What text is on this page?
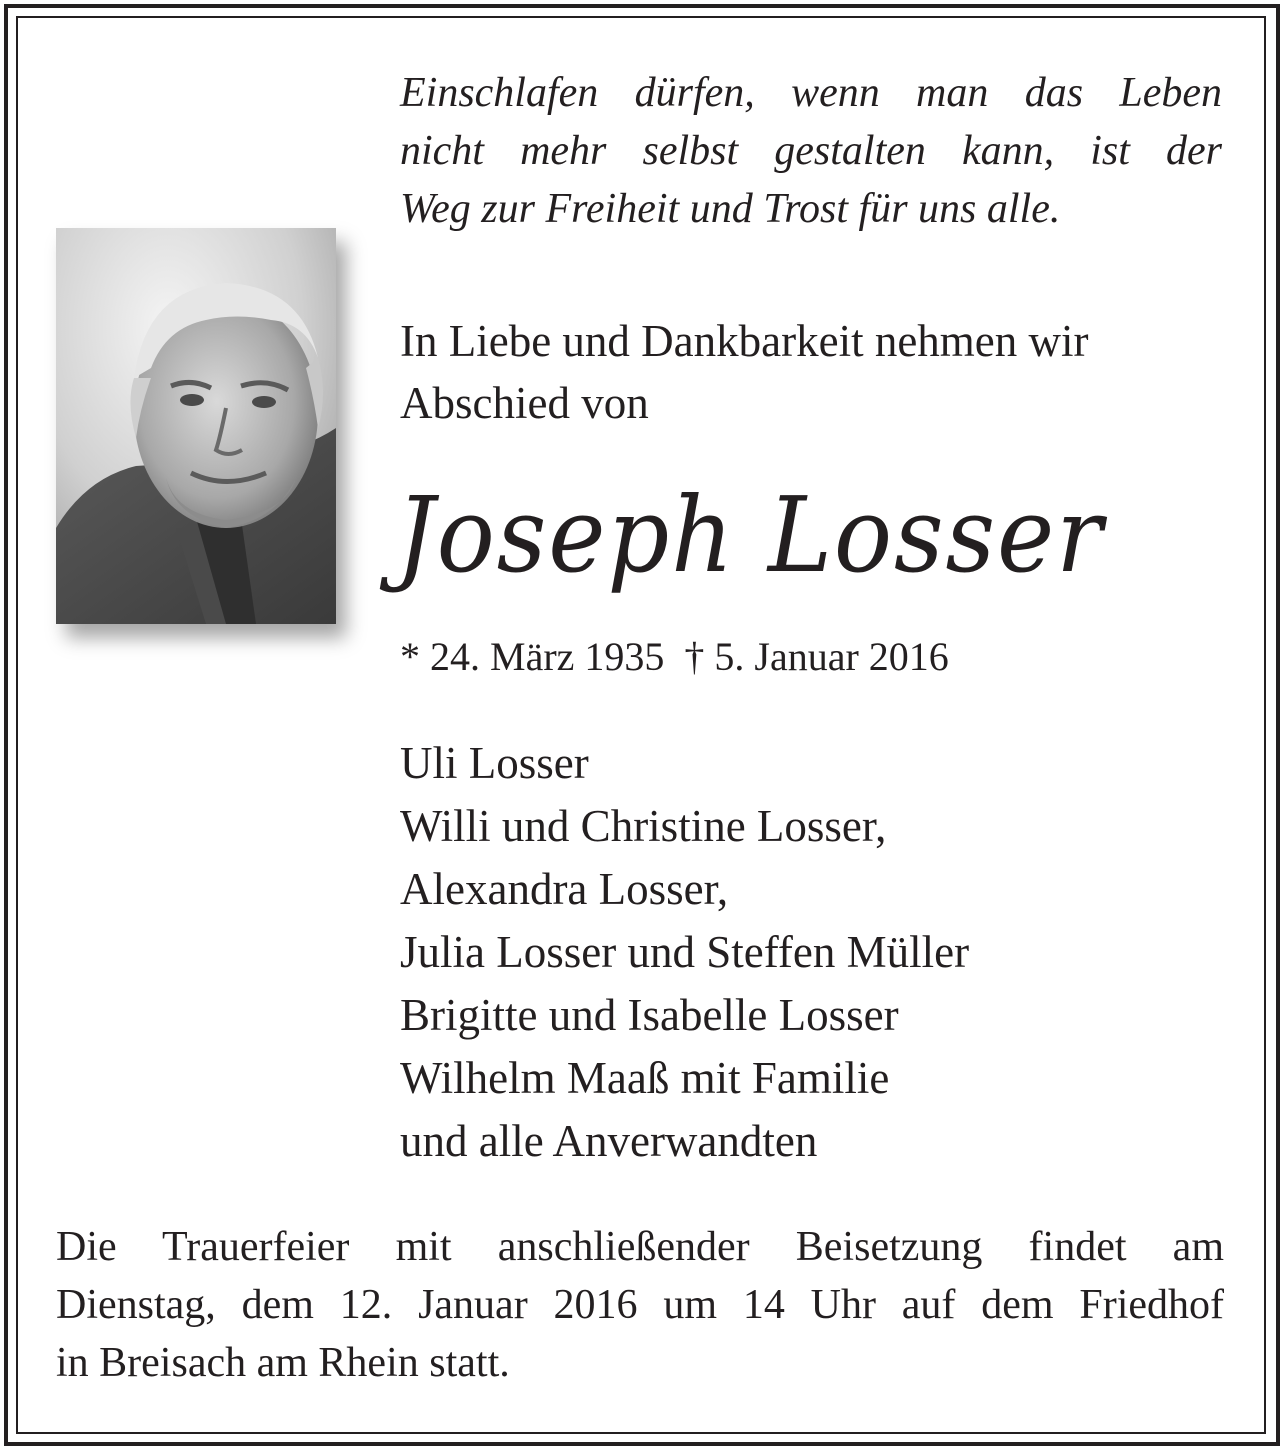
Einschlafen dürfen, wenn man das Leben
nicht mehr selbst gestalten kann, ist der
Weg zur Freiheit und Trost für uns alle.

In Liebe und Dankbarkeit nehmen wir
Abschied von

Joseph Losser
* 24. März 1935  † 5. Januar 2016
Uli Losser
Willi und Christine Losser,
Alexandra Losser,
Julia Losser und Steffen Müller
Brigitte und Isabelle Losser
Wilhelm Maaß mit Familie
und alle Anverwandten

Die Trauerfeier mit anschließender Beisetzung findet am
Dienstag, dem 12. Januar 2016 um 14 Uhr auf dem Friedhof
in Breisach am Rhein statt.
